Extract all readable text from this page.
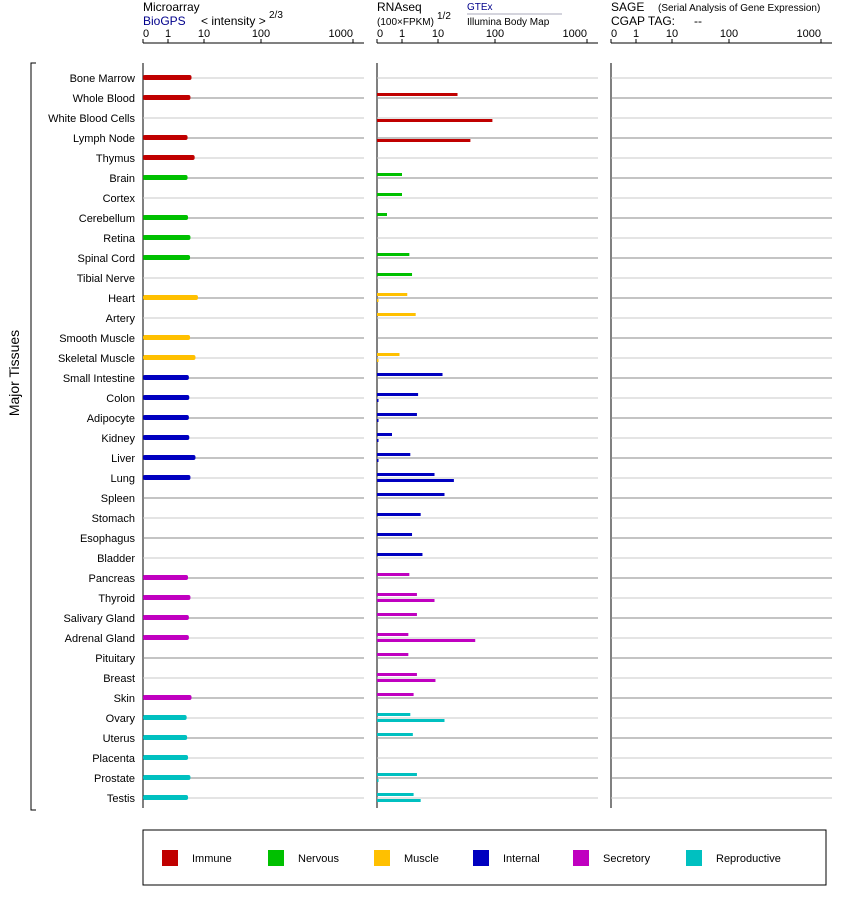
Microarray
BioGPS < intensity > 2/3
RNAseq
(100×FPKM)
1/2
GTEx
Illumina Body Map
SAGE (Serial Analysis of Gene Expression)
CGAP TAG: --
Major Tissues
0 1 10	100	1000 0 1 10	100	1000 0 1 10	100	1000
Bone Marrow
Whole Blood
White Blood Cells
Lymph Node
Thymus
Brain
Cortex
Cerebellum
Retina
Spinal Cord
Tibial Nerve
Heart
Artery
Smooth Muscle
Skeletal Muscle
Small Intestine
Colon
Adipocyte
Kidney
Liver
Lung
Spleen
Stomach
Esophagus
Bladder
Pancreas
Thyroid
Salivary Gland
Adrenal Gland
Pituitary
Breast
Skin
Ovary
Uterus
Placenta
Prostate
Testis
Immune	Nervous	Muscle	Internal	Secretory	Reproductive
